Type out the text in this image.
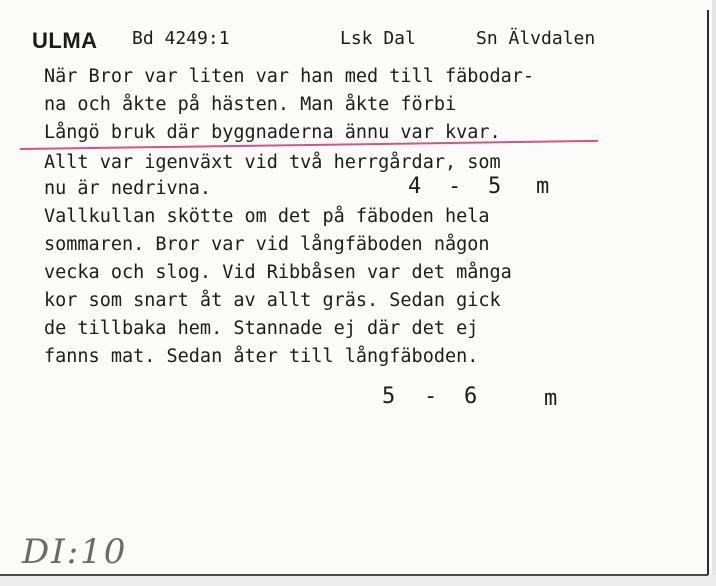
ULMA Bd 4249:1	Lsk Dal	Sn Älvdalen
När Bror var liten var han med till fäbodar-
na och åkte på hästen. Man åkte förbi
Långö bruk där byggnaderna ännu var kvar.
Allt var igenväxt vid två herrgårdar, som
nu är nedrivna.	4 - 5 m
Vallkullan skötte om det på fäboden hela
sommaren. Bror var vid långfäboden någon
vecka och slog. Vid Ribbåsen var det många
kor som snart åt av allt gräs. Sedan gick
de tillbaka hem. Stannade ej där det ej
fanns mat. Sedan åter till långfäboden.
5 - 6	m
DI:10
